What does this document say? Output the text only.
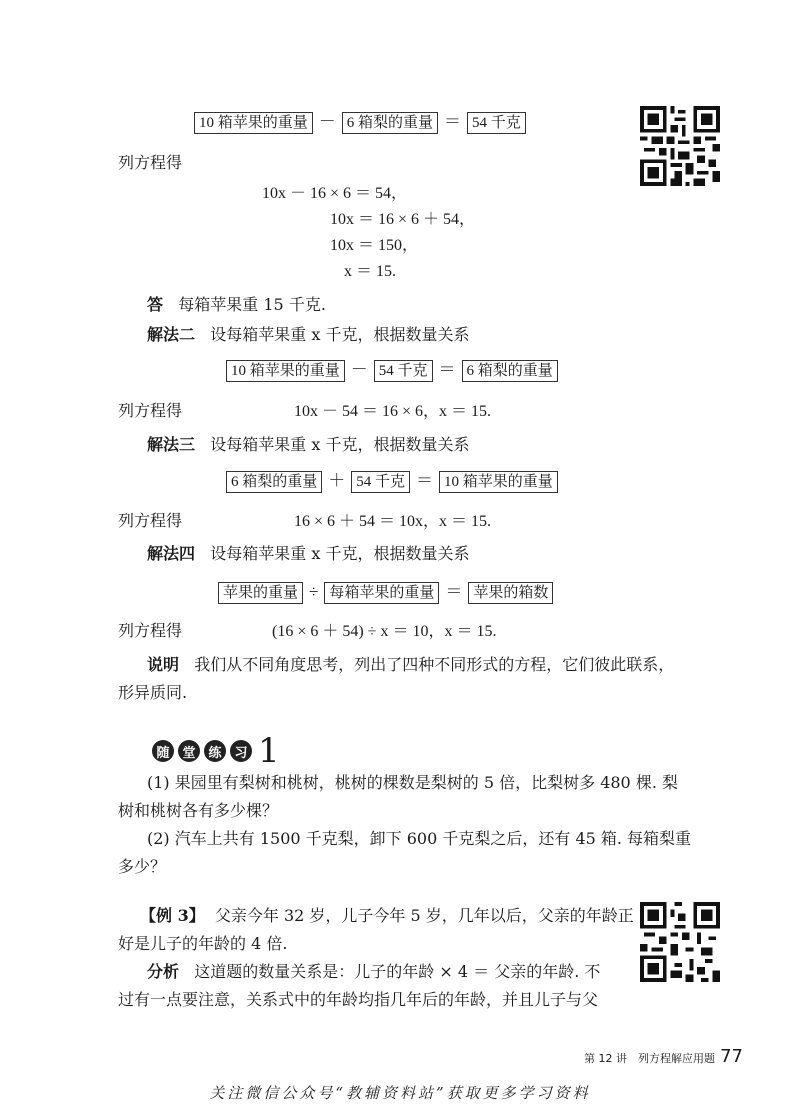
10 箱苹果的重量 － 6 箱梨的重量 ＝ 54 千克
列方程得
10x － 16 × 6 ＝ 54，
10x ＝ 16 × 6 ＋ 54，
10x ＝ 150，
x ＝ 15.
答 每箱苹果重 15 千克.
解法二 设每箱苹果重 x 千克，根据数量关系
10 箱苹果的重量 － 54 千克 ＝ 6 箱梨的重量
列方程得	10x － 54 ＝ 16 × 6，x ＝ 15.
解法三 设每箱苹果重 x 千克，根据数量关系
6 箱梨的重量 ＋ 54 千克 ＝ 10 箱苹果的重量
列方程得	16 × 6 ＋ 54 ＝ 10x，x ＝ 15.
解法四 设每箱苹果重 x 千克，根据数量关系
苹果的重量 ÷ 每箱苹果的重量 ＝ 苹果的箱数
列方程得	(16 × 6 ＋ 54) ÷ x ＝ 10，x ＝ 15.
说明 我们从不同角度思考，列出了四种不同形式的方程，它们彼此联系，
形异质同.
随 堂 练 习 1
(1) 果园里有梨树和桃树，桃树的棵数是梨树的 5 倍，比梨树多 480 棵. 梨
树和桃树各有多少棵？
(2) 汽车上共有 1500 千克梨，卸下 600 千克梨之后，还有 45 箱. 每箱梨重
多少？
【例 3】 父亲今年 32 岁，儿子今年 5 岁，几年以后，父亲的年龄正
好是儿子的年龄的 4 倍.
分析 这道题的数量关系是：儿子的年龄 × 4 ＝ 父亲的年龄. 不
过有一点要注意，关系式中的年龄均指几年后的年龄，并且儿子与父
第 12 讲　列方程解应用题 77
关注微信公众号“教辅资料站”获取更多学习资料
